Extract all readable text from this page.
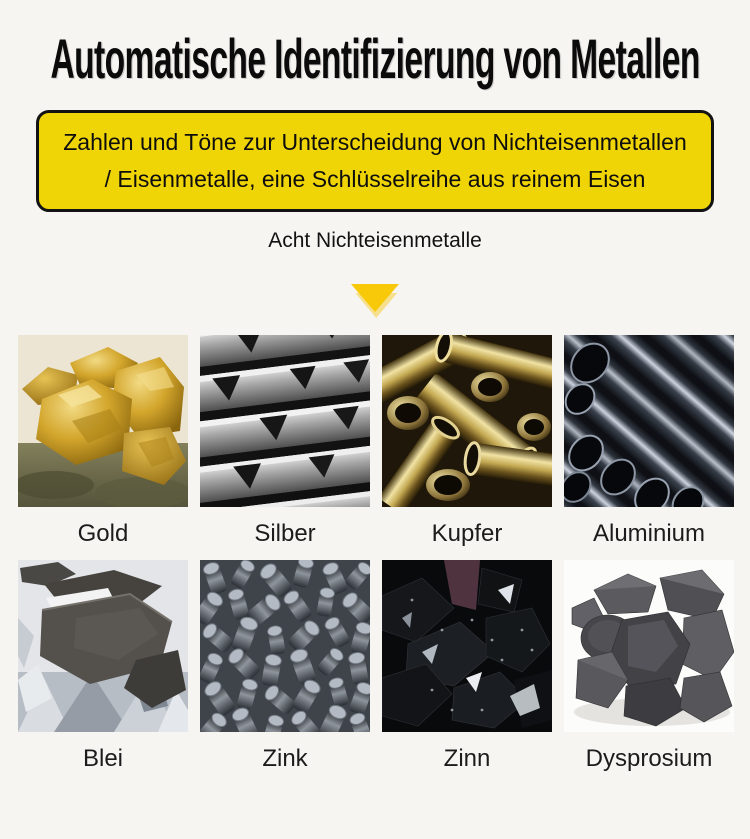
Automatische Identifizierung von Metallen
Zahlen und Töne zur Unterscheidung von Nichteisenmetallen
/ Eisenmetalle, eine Schlüsselreihe aus reinem Eisen
Acht Nichteisenmetalle
Gold	Silber	Kupfer	Aluminium
Blei	Zink	Zinn	Dysprosium
